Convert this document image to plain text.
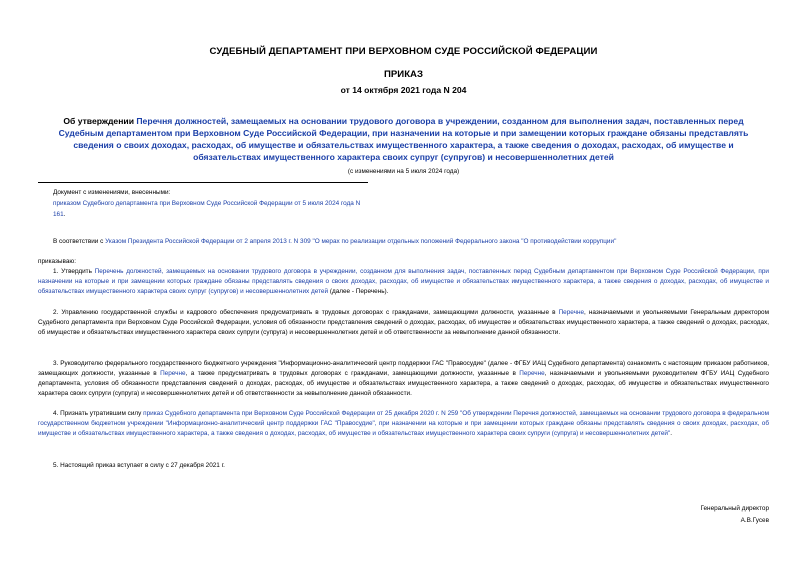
СУДЕБНЫЙ ДЕПАРТАМЕНТ ПРИ ВЕРХОВНОМ СУДЕ РОССИЙСКОЙ ФЕДЕРАЦИИ
ПРИКАЗ
от 14 октября 2021 года N 204
Об утверждении Перечня должностей, замещаемых на основании трудового договора в учреждении, созданном для выполнения задач, поставленных перед Судебным департаментом при Верховном Суде Российской Федерации, при назначении на которые и при замещении которых граждане обязаны представлять сведения о своих доходах, расходах, об имуществе и обязательствах имущественного характера, а также сведения о доходах, расходах, об имуществе и обязательствах имущественного характера своих супруг (супругов) и несовершеннолетних детей
(с изменениями на 5 июля 2024 года)
Документ с изменениями, внесенными:
приказом Судебного департамента при Верховном Суде Российской Федерации от 5 июля 2024 года N 161.
В соответствии с Указом Президента Российской Федерации от 2 апреля 2013 г. N 309 "О мерах по реализации отдельных положений Федерального закона "О противодействии коррупции"
приказываю:
1. Утвердить Перечень должностей, замещаемых на основании трудового договора в учреждении, созданном для выполнения задач, поставленных перед Судебным департаментом при Верховном Суде Российской Федерации, при назначении на которые и при замещении которых граждане обязаны представлять сведения о своих доходах, расходах, об имуществе и обязательствах имущественного характера, а также сведения о доходах, расходах, об имуществе и обязательствах имущественного характера своих супруг (супругов) и несовершеннолетних детей (далее - Перечень).
2. Управлению государственной службы и кадрового обеспечения предусматривать в трудовых договорах с гражданами, замещающими должности, указанные в Перечне, назначаемыми и увольняемыми Генеральным директором Судебного департамента при Верховном Суде Российской Федерации, условия об обязанности представления сведений о доходах, расходах, об имуществе и обязательствах имущественного характера, а также сведений о доходах, расходах, об имуществе и обязательствах имущественного характера своих супруги (супруга) и несовершеннолетних детей и об ответственности за невыполнение данной обязанности.
3. Руководителю федерального государственного бюджетного учреждения "Информационно-аналитический центр поддержки ГАС "Правосудие" (далее - ФГБУ ИАЦ Судебного департамента) ознакомить с настоящим приказом работников, замещающих должности, указанные в Перечне, а также предусматривать в трудовых договорах с гражданами, замещающими должности, указанные в Перечне, назначаемыми и увольняемыми руководителем ФГБУ ИАЦ Судебного департамента, условия об обязанности представления сведений о доходах, расходах, об имуществе и обязательствах имущественного характера, а также сведений о доходах, расходах, об имуществе и обязательствах имущественного характера своих супруги (супруга) и несовершеннолетних детей и об ответственности за невыполнение данной обязанности.
4. Признать утратившим силу приказ Судебного департамента при Верховном Суде Российской Федерации от 25 декабря 2020 г. N 259 "Об утверждении Перечня должностей, замещаемых на основании трудового договора в федеральном государственном бюджетном учреждении "Информационно-аналитический центр поддержки ГАС "Правосудие", при назначении на которые и при замещении которых граждане обязаны представлять сведения о своих доходах, расходах, об имуществе и обязательствах имущественного характера, а также сведения о доходах, расходах, об имуществе и обязательствах имущественного характера своих супруги (супруга) и несовершеннолетних детей".
5. Настоящий приказ вступает в силу с 27 декабря 2021 г.
Генеральный директор
А.В.Гусев
